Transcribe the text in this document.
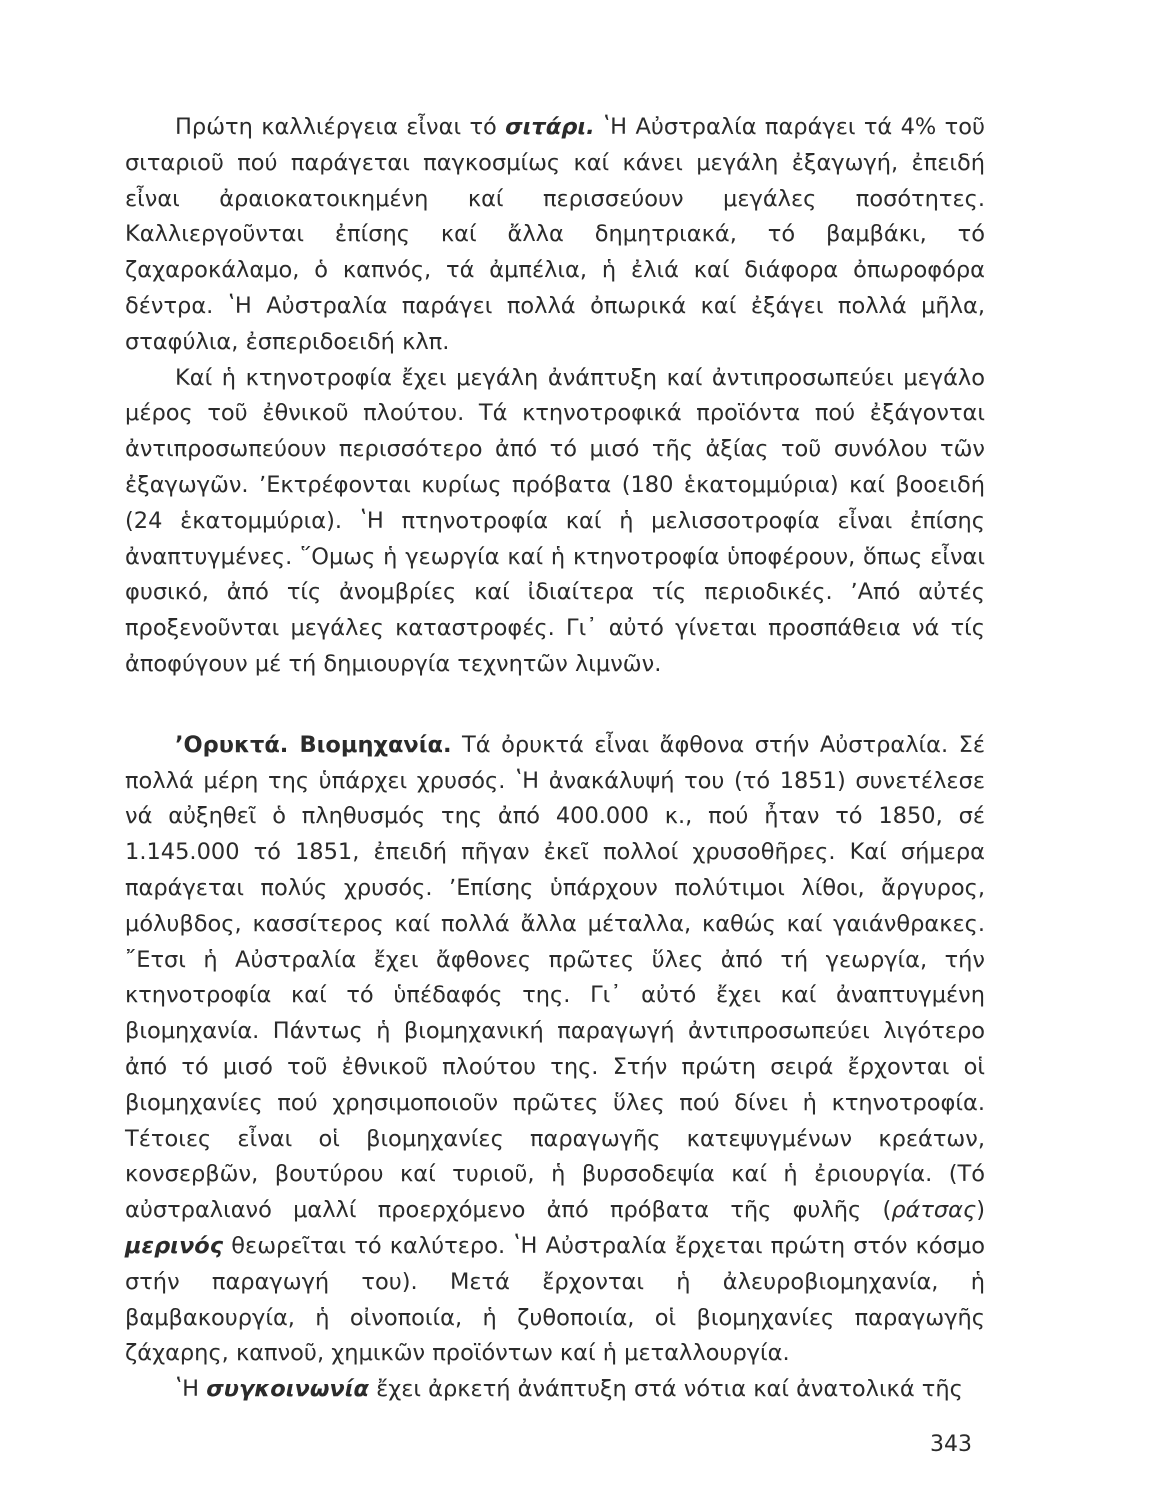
Πρώτη καλλιέργεια εἶναι τό σιτάρι. ʽΗ Αὐστραλία παράγει τά 4% τοῦ σιταριοῦ πού παράγεται παγκοσμίως καί κάνει μεγάλη ἐξαγωγή, ἐπειδή εἶναι ἀραιοκατοικημένη καί περισσεύουν μεγάλες ποσότητες. Καλλιεργοῦνται ἐπίσης καί ἄλλα δημητριακά, τό βαμβάκι, τό ζαχαροκάλαμο, ὁ καπνός, τά ἀμπέλια, ἡ ἐλιά καί διάφορα ὀπωροφόρα δέντρα. ʽΗ Αὐστραλία παράγει πολλά ὀπωρικά καί ἐξάγει πολλά μῆλα, σταφύλια, ἐσπεριδοειδή κλπ.

Καί ἡ κτηνοτροφία ἔχει μεγάλη ἀνάπτυξη καί ἀντιπροσωπεύει μεγάλο μέρος τοῦ ἐθνικοῦ πλούτου. Τά κτηνοτροφικά προϊόντα πού ἐξάγονται ἀντιπροσωπεύουν περισσότερο ἀπό τό μισό τῆς ἀξίας τοῦ συνόλου τῶν ἐξαγωγῶν. ʼΕκτρέφονται κυρίως πρόβατα (180 ἑκατομμύρια) καί βοοειδή (24 ἑκατομμύρια). ʽΗ πτηνοτροφία καί ἡ μελισσοτροφία εἶναι ἐπίσης ἀναπτυγμένες. ῞Ομως ἡ γεωργία καί ἡ κτηνοτροφία ὑποφέρουν, ὅπως εἶναι φυσικό, ἀπό τίς ἀνομβρίες καί ἰδιαίτερα τίς περιοδικές. ʼΑπό αὐτές προξενοῦνται μεγάλες καταστροφές. Γι᾽ αὐτό γίνεται προσπάθεια νά τίς ἀποφύγουν μέ τή δημιουργία τεχνητῶν λιμνῶν.

ʼΟρυκτά. Βιομηχανία. Τά ὀρυκτά εἶναι ἄφθονα στήν Αὐστραλία. Σέ πολλά μέρη της ὑπάρχει χρυσός. ʽΗ ἀνακάλυψή του (τό 1851) συνετέλεσε νά αὐξηθεῖ ὁ πληθυσμός της ἀπό 400.000 κ., πού ἦταν τό 1850, σέ 1.145.000 τό 1851, ἐπειδή πῆγαν ἐκεῖ πολλοί χρυσοθῆρες. Καί σήμερα παράγεται πολύς χρυσός. ʼΕπίσης ὑπάρχουν πολύτιμοι λίθοι, ἄργυρος, μόλυβδος, κασσίτερος καί πολλά ἄλλα μέταλλα, καθώς καί γαιάνθρακες. ῎Ετσι ἡ Αὐστραλία ἔχει ἄφθονες πρῶτες ὕλες ἀπό τή γεωργία, τήν κτηνοτροφία καί τό ὑπέδαφός της. Γι᾽ αὐτό ἔχει καί ἀναπτυγμένη βιομηχανία. Πάντως ἡ βιομηχανική παραγωγή ἀντιπροσωπεύει λιγότερο ἀπό τό μισό τοῦ ἐθνικοῦ πλούτου της. Στήν πρώτη σειρά ἔρχονται οἱ βιομηχανίες πού χρησιμοποιοῦν πρῶτες ὕλες πού δίνει ἡ κτηνοτροφία. Τέτοιες εἶναι οἱ βιομηχανίες παραγωγῆς κατεψυγμένων κρεάτων, κονσερβῶν, βουτύρου καί τυριοῦ, ἡ βυρσοδεψία καί ἡ ἐριουργία. (Τό αὐστραλιανό μαλλί προερχόμενο ἀπό πρόβατα τῆς φυλῆς (ράτσας) μερινός θεωρεῖται τό καλύτερο. ʽΗ Αὐστραλία ἔρχεται πρώτη στόν κόσμο στήν παραγωγή του). Μετά ἔρχονται ἡ ἀλευροβιομηχανία, ἡ βαμβακουργία, ἡ οἰνοποιία, ἡ ζυθοποιία, οἱ βιομηχανίες παραγωγῆς ζάχαρης, καπνοῦ, χημικῶν προϊόντων καί ἡ μεταλλουργία.

ʽΗ συγκοινωνία ἔχει ἀρκετή ἀνάπτυξη στά νότια καί ἀνατολικά τῆς

343
